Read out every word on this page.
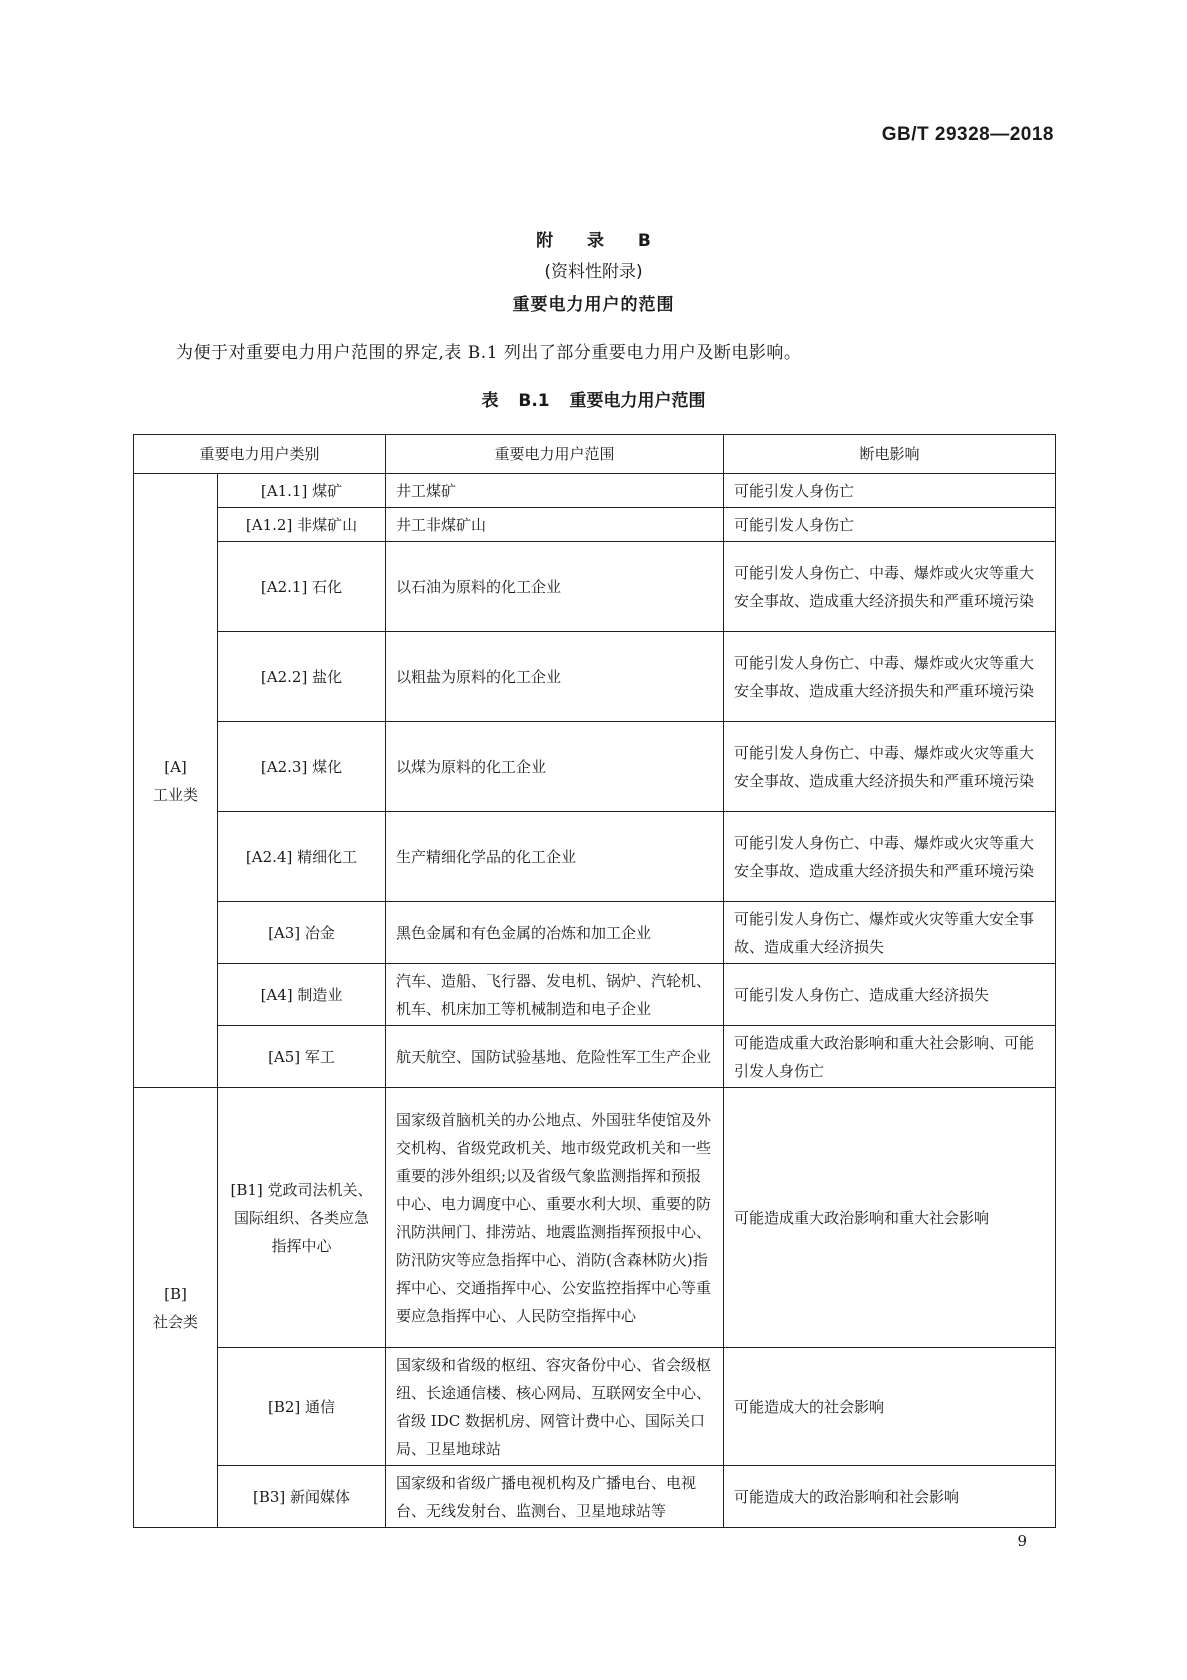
GB/T 29328—2018
附 录 B
(资料性附录)
重要电力用户的范围
为便于对重要电力用户范围的界定,表 B.1 列出了部分重要电力用户及断电影响。
表 B.1 重要电力用户范围
重要电力用户类别		重要电力用户范围	断电影响

[A]
工业类	[A1.1] 煤矿	井工煤矿	可能引发人身伤亡
	[A1.2] 非煤矿山	井工非煤矿山	可能引发人身伤亡
	[A2.1] 石化	以石油为原料的化工企业	可能引发人身伤亡、中毒、爆炸或火灾等重大安全事故、造成重大经济损失和严重环境污染
	[A2.2] 盐化	以粗盐为原料的化工企业	可能引发人身伤亡、中毒、爆炸或火灾等重大安全事故、造成重大经济损失和严重环境污染
	[A2.3] 煤化	以煤为原料的化工企业	可能引发人身伤亡、中毒、爆炸或火灾等重大安全事故、造成重大经济损失和严重环境污染
	[A2.4] 精细化工	生产精细化学品的化工企业	可能引发人身伤亡、中毒、爆炸或火灾等重大安全事故、造成重大经济损失和严重环境污染
	[A3] 冶金	黑色金属和有色金属的冶炼和加工企业	可能引发人身伤亡、爆炸或火灾等重大安全事故、造成重大经济损失
	[A4] 制造业	汽车、造船、飞行器、发电机、锅炉、汽轮机、机车、机床加工等机械制造和电子企业	可能引发人身伤亡、造成重大经济损失
	[A5] 军工	航天航空、国防试验基地、危险性军工生产企业	可能造成重大政治影响和重大社会影响、可能引发人身伤亡

[B]
社会类	[B1] 党政司法机关、国际组织、各类应急指挥中心	国家级首脑机关的办公地点、外国驻华使馆及外交机构、省级党政机关、地市级党政机关和一些重要的涉外组织;以及省级气象监测指挥和预报中心、电力调度中心、重要水利大坝、重要的防汛防洪闸门、排涝站、地震监测指挥预报中心、防汛防灾等应急指挥中心、消防(含森林防火)指挥中心、交通指挥中心、公安监控指挥中心等重要应急指挥中心、人民防空指挥中心	可能造成重大政治影响和重大社会影响
	[B2] 通信	国家级和省级的枢纽、容灾备份中心、省会级枢纽、长途通信楼、核心网局、互联网安全中心、省级 IDC 数据机房、网管计费中心、国际关口局、卫星地球站	可能造成大的社会影响
	[B3] 新闻媒体	国家级和省级广播电视机构及广播电台、电视台、无线发射台、监测台、卫星地球站等	可能造成大的政治影响和社会影响
9
